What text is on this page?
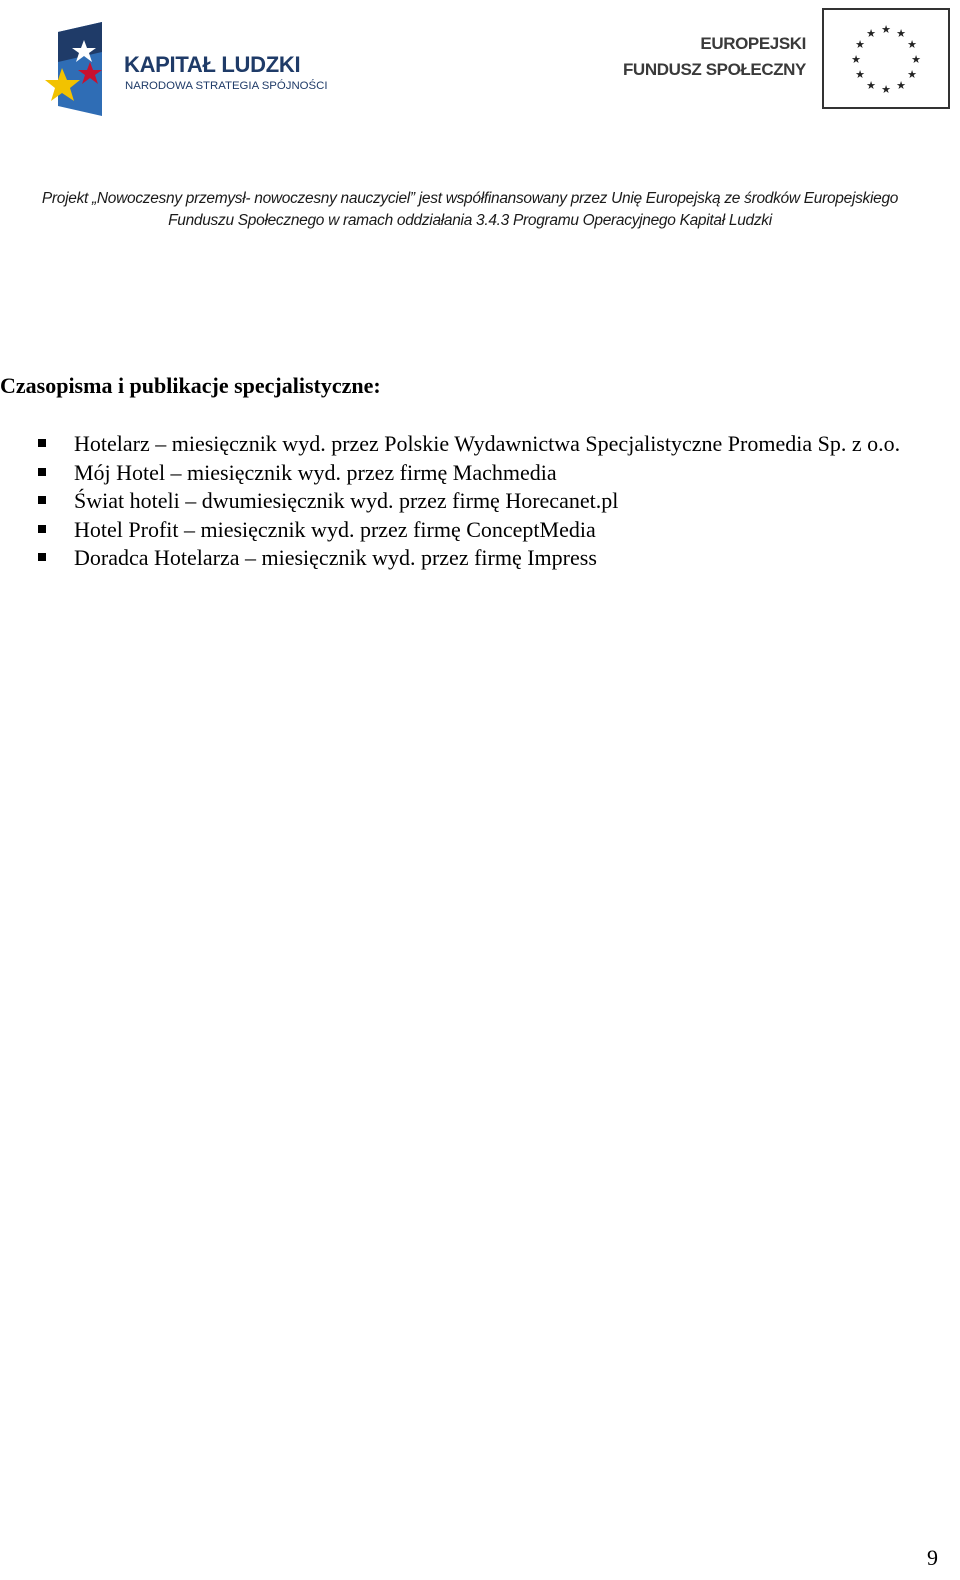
KAPITAŁ LUDZKI
NARODOWA STRATEGIA SPÓJNOŚCI
EUROPEJSKI
FUNDUSZ SPOŁECZNY
★ ★
★
★
★
★
★
★
★
★
★
★
Projekt „Nowoczesny przemysł- nowoczesny nauczyciel” jest współfinansowany przez Unię Europejską ze środków Europejskiego
Funduszu Społecznego w ramach oddziałania 3.4.3 Programu Operacyjnego Kapitał Ludzki
Czasopisma i publikacje specjalistyczne:
Hotelarz – miesięcznik wyd. przez Polskie Wydawnictwa Specjalistyczne Promedia Sp. z o.o.
Mój Hotel – miesięcznik wyd. przez firmę Machmedia
Świat hoteli – dwumiesięcznik wyd. przez firmę Horecanet.pl
Hotel Profit – miesięcznik wyd. przez firmę ConceptMedia
Doradca Hotelarza – miesięcznik wyd. przez firmę Impress
9
